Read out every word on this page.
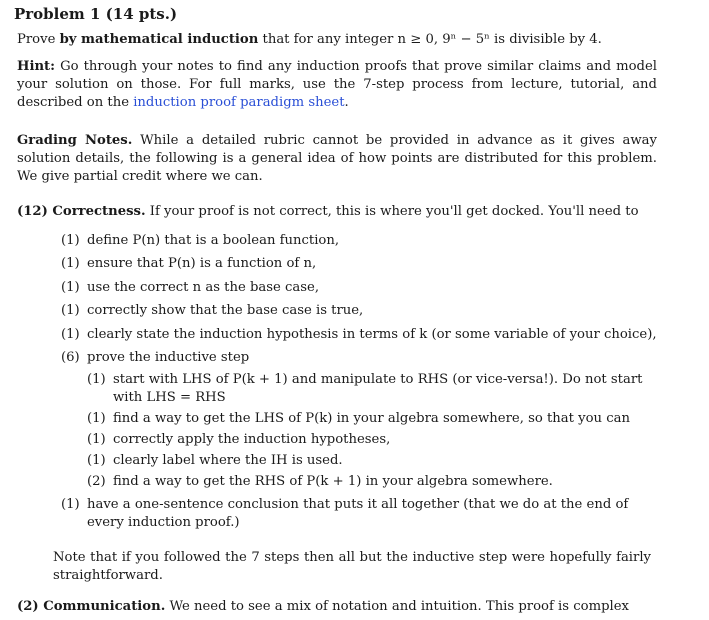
Problem 1 (14 pts.)
Prove by mathematical induction that for any integer n ≥ 0, 9ⁿ − 5ⁿ is divisible by 4.
Hint: Go through your notes to find any induction proofs that prove similar claims and model your solution on those. For full marks, use the 7-step process from lecture, tutorial, and described on the induction proof paradigm sheet.
Grading Notes. While a detailed rubric cannot be provided in advance as it gives away solution details, the following is a general idea of how points are distributed for this problem. We give partial credit where we can.
(12) Correctness. If your proof is not correct, this is where you'll get docked. You'll need to
(1) define P(n) that is a boolean function,
(1) ensure that P(n) is a function of n,
(1) use the correct n as the base case,
(1) correctly show that the base case is true,
(1) clearly state the induction hypothesis in terms of k (or some variable of your choice),
(6) prove the inductive step
(1) start with LHS of P(k + 1) and manipulate to RHS (or vice-versa!). Do not start with LHS = RHS
(1) find a way to get the LHS of P(k) in your algebra somewhere, so that you can
(1) correctly apply the induction hypotheses,
(1) clearly label where the IH is used.
(2) find a way to get the RHS of P(k + 1) in your algebra somewhere.
(1) have a one-sentence conclusion that puts it all together (that we do at the end of every induction proof.)
Note that if you followed the 7 steps then all but the inductive step were hopefully fairly straightforward.
(2) Communication. We need to see a mix of notation and intuition. This proof is complex
